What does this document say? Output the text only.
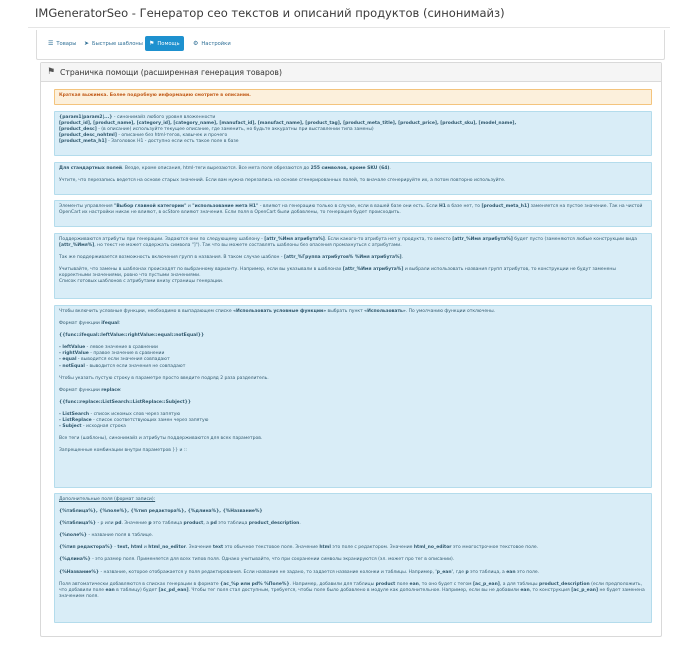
IMGeneratorSeo - Генератор сео текстов и описаний продуктов (синонимайз)
☰ Товары ➤ Быстрые шаблоны ⚑ Помощь ⚙ Настройки
⚑ Страничка помощи (расширенная генерация товаров)
Краткая выжимка. Более подробную информацию смотрите в описании.

{param1|param2|...} - синонимайз любого уровня вложенности

[product_id], [product_name], [category_id], [category_name], [manufact_id], [manufact_name], [product_tag], [product_meta_title], [product_price], [product_sku], [model_name],

[product_desc] - (в описание) используйте текущее описание, где заменить, но будьте аккуратны при выставлении типа замены)

[product_desc_nohtml] - описание без html-тегов, кавычек и прочего

[product_meta_h1] - Заголовок Н1 - доступно если есть такое поле в базе

Для стандартных полей. Везде, кроме описания, html-теги вырезаются. Все мета поля обрезаются до 255 символов, кроме SKU (64).

Учтите, что перезапись ведется на основе старых значений. Если вам нужна перезапись на основе сгенерированных полей, то вначале сгенерируйте их, а потом повторно используйте.

Элементы управления "Выбор главной категории" и "использование мета H1" - влияют на генерацию только в случае, если в вашей базе они есть. Если H1 в базе нет, то [product_meta_h1] заменяется на пустое значение. Так на чистой OpenCart их настройки никак не влияют, в ocStore влияют значения. Если поля в OpenCart были добавлены, то генерация будет происходить.

Поддерживаются атрибуты при генерации. Задаются они по следующему шаблону - [attr_%Имя атрибута%]. Если какого-то атрибута нет у продукта, то вместо [attr_%Имя атрибута%] будет пусто (заменяются любые конструкции вида [attr_%Имя%], но текст не может содержать символа "]"). Так что вы можете составлять шаблоны без опасения промахнуться с атрибутами.

Так же поддерживается возможность включения групп в названия. В таком случае шаблон - [attr_%Группа атрибутов% %Имя атрибута%].

Учитывайте, что замены в шаблонах происходят по выбранному варианту. Например, если вы указывали в шаблонах [attr_%Имя атрибута%] и выбрали использовать названия групп атрибутов, то конструкции не будут заменены корректными значениями, ровно что пустыми значениями.

Список готовых шаблонов с атрибутами внизу страницы генерации.

Чтобы включить условные функции, необходимо в выпадающем списке «Использовать условные функции» выбрать пункт «Использовать». По умолчанию функции отключены.

Формат функции ifequal:

{{func::ifequal::leftValue::rightValue::equal::notEqual}}

- leftValue - левое значение в сравнении

- rightValue - правое значение в сравнении

- equal - выводится если значения совпадают

- notEqual - выводится если значения не совпадают

Чтобы указать пустую строку в параметре просто введите подряд 2 раза разделитель.

Формат функции replace:

{{func::replace::ListSearch::ListReplace::Subject}}

- ListSearch - список искомых слов через запятую

- ListReplace - список соответствующих замен через запятую

- Subject - исходная строка

Все теги (шаблоны), синонимайз и атрибуты поддерживаются для всех параметров.

Запрещенные комбинации внутри параметров }} и ::

Дополнительные поля (формат записи):

{%таблица%}, {%поле%}, {%тип редактора%}, {%длина%}, {%Название%}

{%таблица%} - p или pd. Значение p это таблица product, а pd это таблица product_description.

{%поле%} - название поля в таблице.

{%тип редактора%} - text, html и html_no_editor. Значение text это обычное текстовое поле. Значение html это поле с редактором. Значение html_no_editor это многострочное текстовое поле.

{%длина%} - это размер поля. Применяется для всех типов поля. Однако учитывайте, что при сохранении символы экранируются (эл. может про тег в описании).

{%Название%} - название, которое отображается у поля редактирования. Если название не задано, то задается название колонки и таблицы. Например, 'p_ean', где p это таблица, а ean это поле.

Поля автоматически добавляются в списках генерации в формате {ac_%p или pd% %Поле%}. Например, добавили для таблицы product поле ean, то оно будет с тегом [ac_p_ean], а для таблицы product_description (если предположить, что добавили поле ean в таблицу) будет [ac_pd_ean]. Чтобы тег поля стал доступным, требуется, чтобы поле было добавлено в модуле как дополнительное. Например, если вы не добавили ean, то конструкция [ac_p_ean] не будет заменена значением поля.
